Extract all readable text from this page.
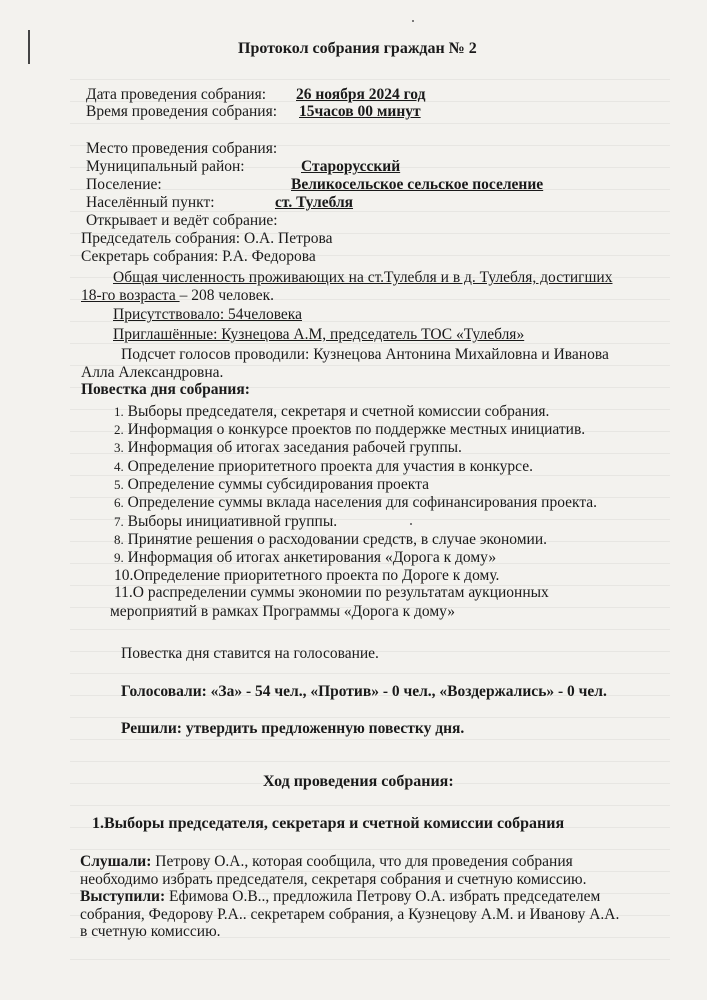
Протокол собрания граждан № 2
Дата проведения собрания: 26 ноября 2024 год
Время проведения собрания: 15часов 00 минут
Место проведения собрания:
Муниципальный район:	Старорусский
Поселение:	Великосельское сельское поселение
Населённый пункт:	ст. Тулебля
Открывает и ведёт собрание:
Председатель собрания: О.А. Петрова
Секретарь собрания: Р.А. Федорова
Общая численность проживающих на ст.Тулебля и в д. Тулебля, достигших
18-го возраста – 208 человек.
Присутствовало: 54человека
Приглашённые: Кузнецова А.М, председатель ТОС «Тулебля»
Подсчет голосов проводили: Кузнецова Антонина Михайловна и Иванова
Алла Александровна.
Повестка дня собрания:
1. Выборы председателя, секретаря и счетной комиссии собрания.
2. Информация о конкурсе проектов по поддержке местных инициатив.
3. Информация об итогах заседания рабочей группы.
4. Определение приоритетного проекта для участия в конкурсе.
5. Определение суммы субсидирования проекта
6. Определение суммы вклада населения для софинансирования проекта.
7. Выборы инициативной группы.
8. Принятие решения о расходовании средств, в случае экономии.
9. Информация об итогах анкетирования «Дорога к дому»
10.Определение приоритетного проекта по Дороге к дому.
11.О распределении суммы экономии по результатам аукционных
мероприятий в рамках Программы «Дорога к дому»
Повестка дня ставится на голосование.
Голосовали: «За» - 54 чел., «Против» - 0 чел., «Воздержались» - 0 чел.
Решили: утвердить предложенную повестку дня.
Ход проведения собрания:
1.Выборы председателя, секретаря и счетной комиссии собрания
Слушали: Петрову О.А., которая сообщила, что для проведения собрания
необходимо избрать председателя, секретаря собрания и счетную комиссию.
Выступили: Ефимова О.В.., предложила Петрову О.А. избрать председателем
собрания, Федорову Р.А.. секретарем собрания, а Кузнецову А.М. и Иванову А.А.
в счетную комиссию.
